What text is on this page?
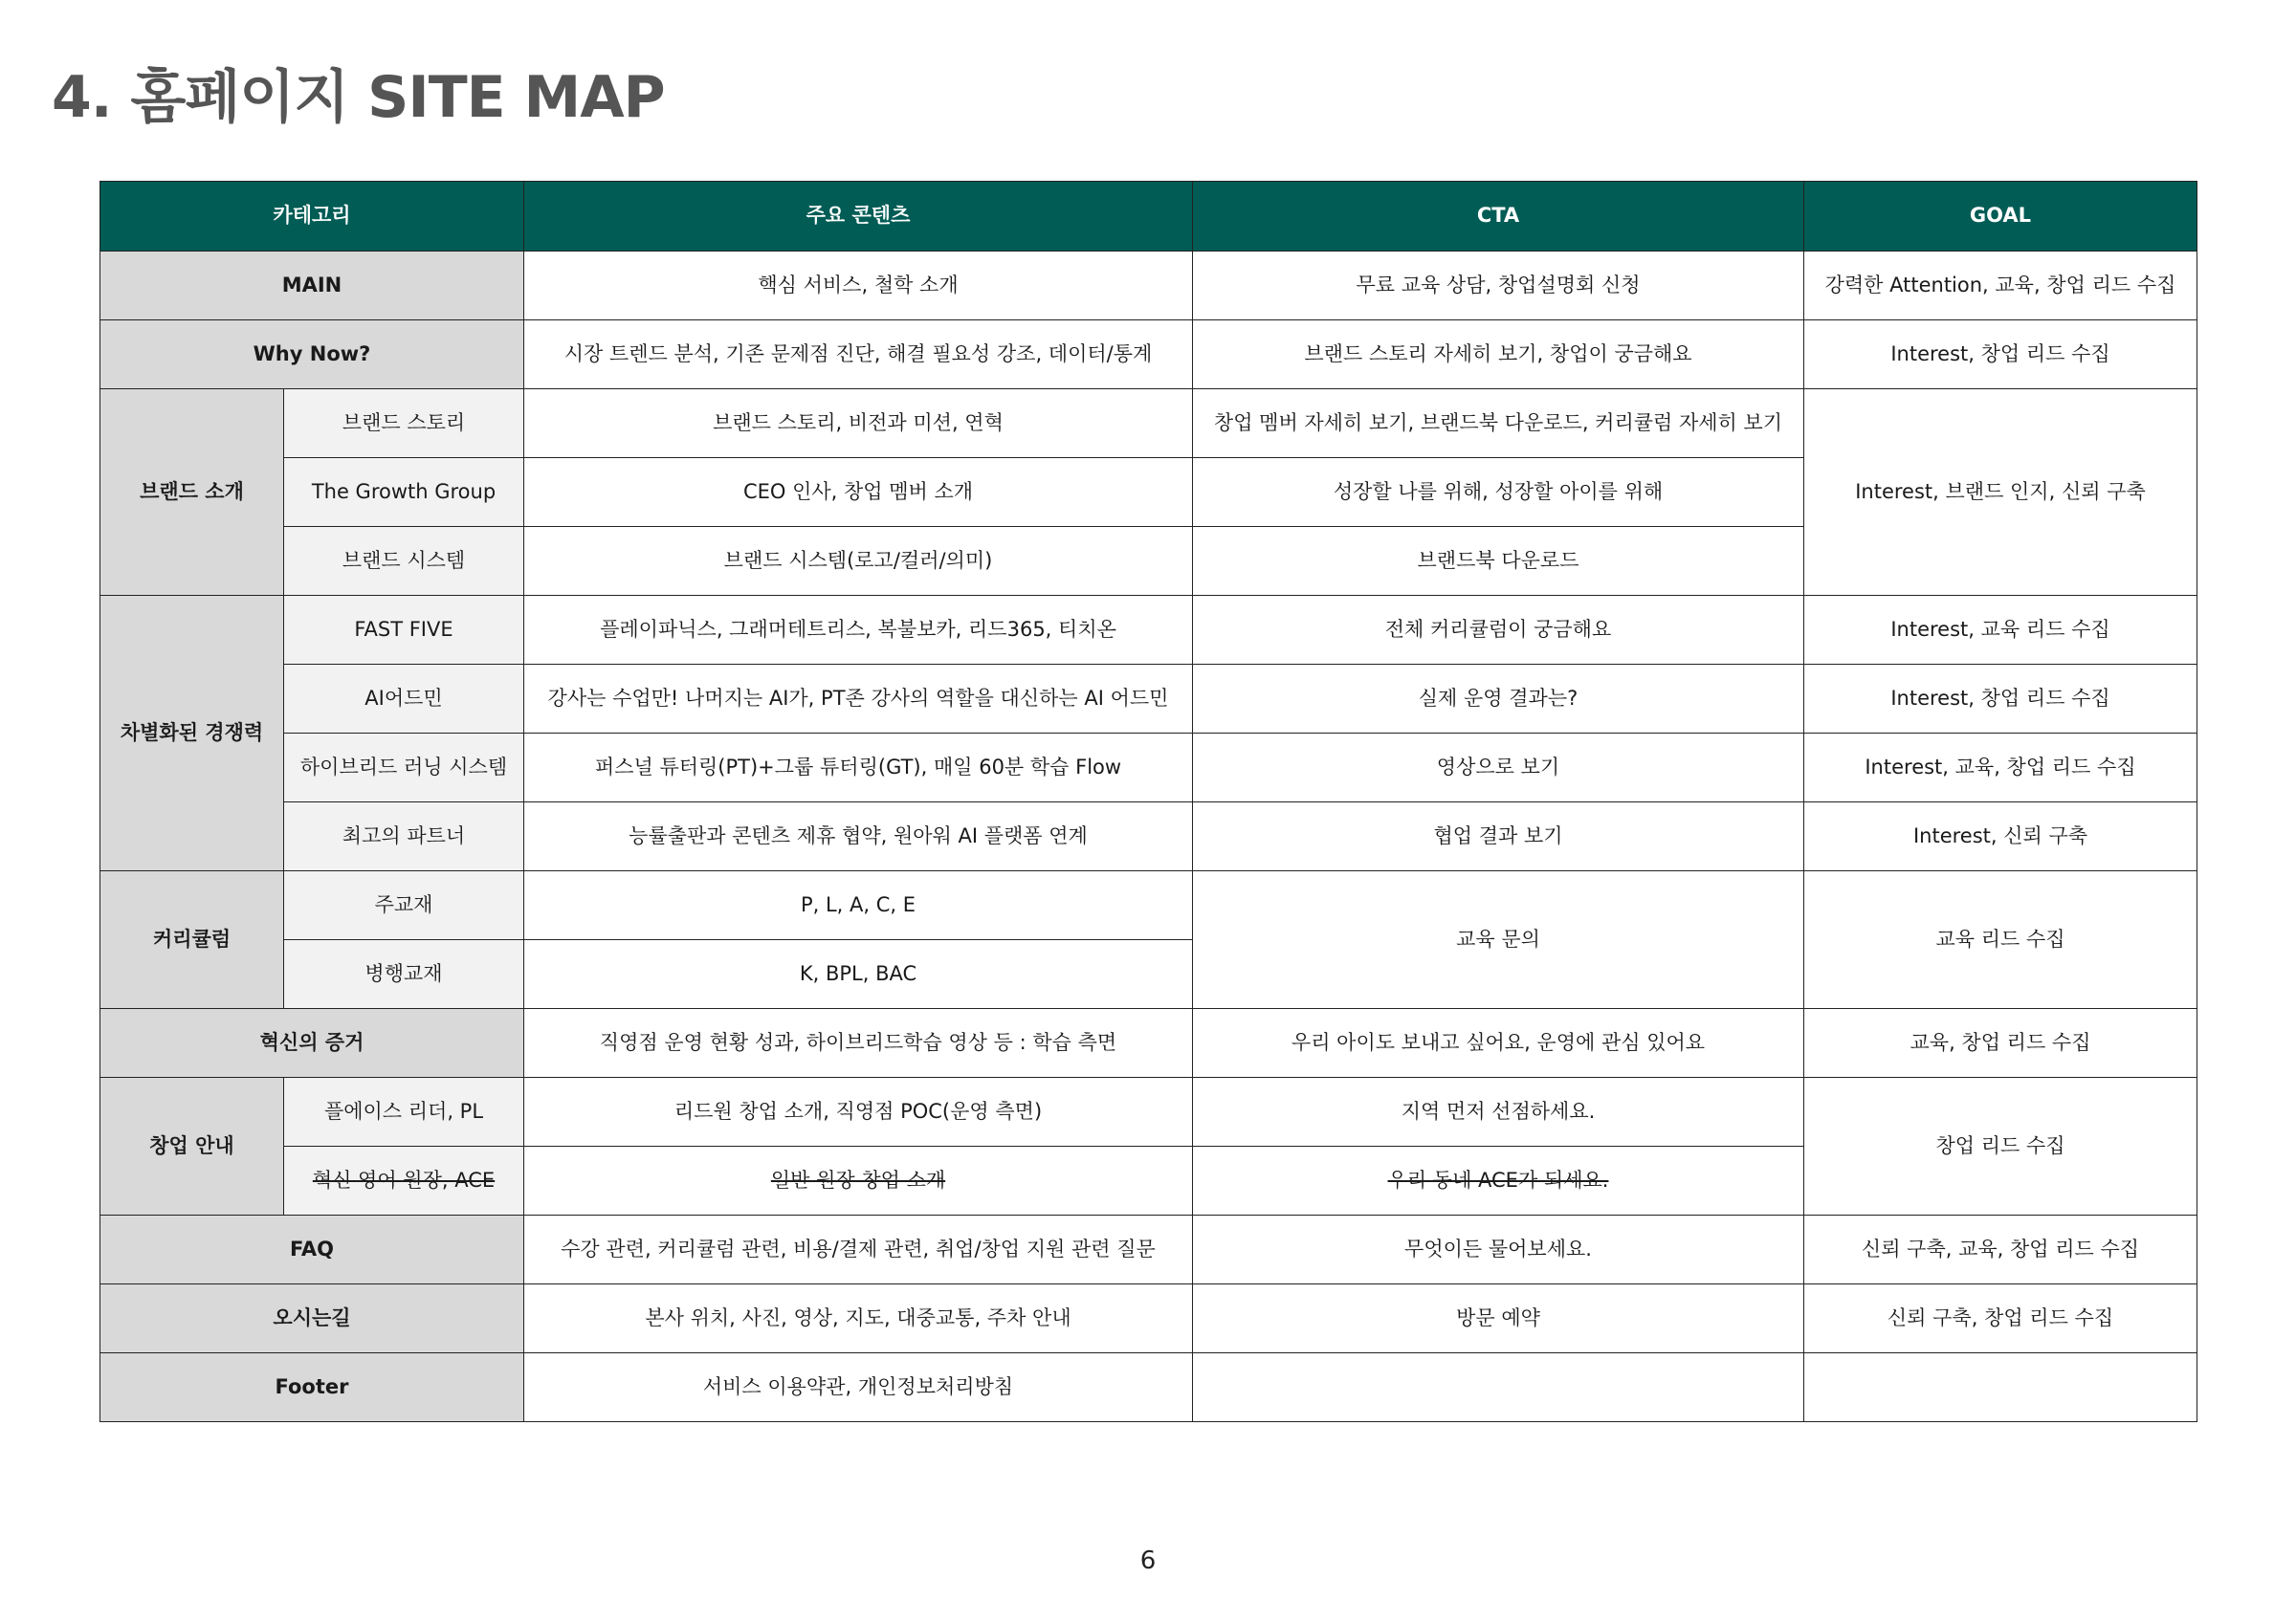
4. 홈페이지 SITE MAP
카테고리		주요 콘텐츠	CTA	GOAL
MAIN		핵심 서비스, 철학 소개	무료 교육 상담, 창업설명회 신청	강력한 Attention, 교육, 창업 리드 수집
Why Now?		시장 트렌드 분석, 기존 문제점 진단, 해결 필요성 강조, 데이터/통계	브랜드 스토리 자세히 보기, 창업이 궁금해요	Interest, 창업 리드 수집
브랜드 소개	브랜드 스토리	브랜드 스토리, 비전과 미션, 연혁	창업 멤버 자세히 보기, 브랜드북 다운로드, 커리큘럼 자세히 보기	Interest, 브랜드 인지, 신뢰 구축
	The Growth Group	CEO 인사, 창업 멤버 소개	성장할 나를 위해, 성장할 아이를 위해	
	브랜드 시스템	브랜드 시스템(로고/컬러/의미)	브랜드북 다운로드	
차별화된 경쟁력	FAST FIVE	플레이파닉스, 그래머테트리스, 복불보카, 리드365, 티치온	전체 커리큘럼이 궁금해요	Interest, 교육 리드 수집
	AI어드민	강사는 수업만! 나머지는 AI가, PT존 강사의 역할을 대신하는 AI 어드민	실제 운영 결과는?	Interest, 창업 리드 수집
	하이브리드 러닝 시스템	퍼스널 튜터링(PT)+그룹 튜터링(GT), 매일 60분 학습 Flow	영상으로 보기	Interest, 교육, 창업 리드 수집
	최고의 파트너	능률출판과 콘텐츠 제휴 협약, 원아워 AI 플랫폼 연계	협업 결과 보기	Interest, 신뢰 구축
커리큘럼	주교재	P, L, A, C, E	교육 문의	교육 리드 수집
	병행교재	K, BPL, BAC		
혁신의 증거		직영점 운영 현황 성과, 하이브리드학습 영상 등 : 학습 측면	우리 아이도 보내고 싶어요, 운영에 관심 있어요	교육, 창업 리드 수집
창업 안내	플에이스 리더, PL	리드원 창업 소개, 직영점 POC(운영 측면)	지역 먼저 선점하세요.	창업 리드 수집
	혁신 영어 원장, ACE	일반 원장 창업 소개	우리 동네 ACE가 되세요.	
FAQ		수강 관련, 커리큘럼 관련, 비용/결제 관련, 취업/창업 지원 관련 질문	무엇이든 물어보세요.	신뢰 구축, 교육, 창업 리드 수집
오시는길		본사 위치, 사진, 영상, 지도, 대중교통, 주차 안내	방문 예약	신뢰 구축, 창업 리드 수집
Footer		서비스 이용약관, 개인정보처리방침		
6
